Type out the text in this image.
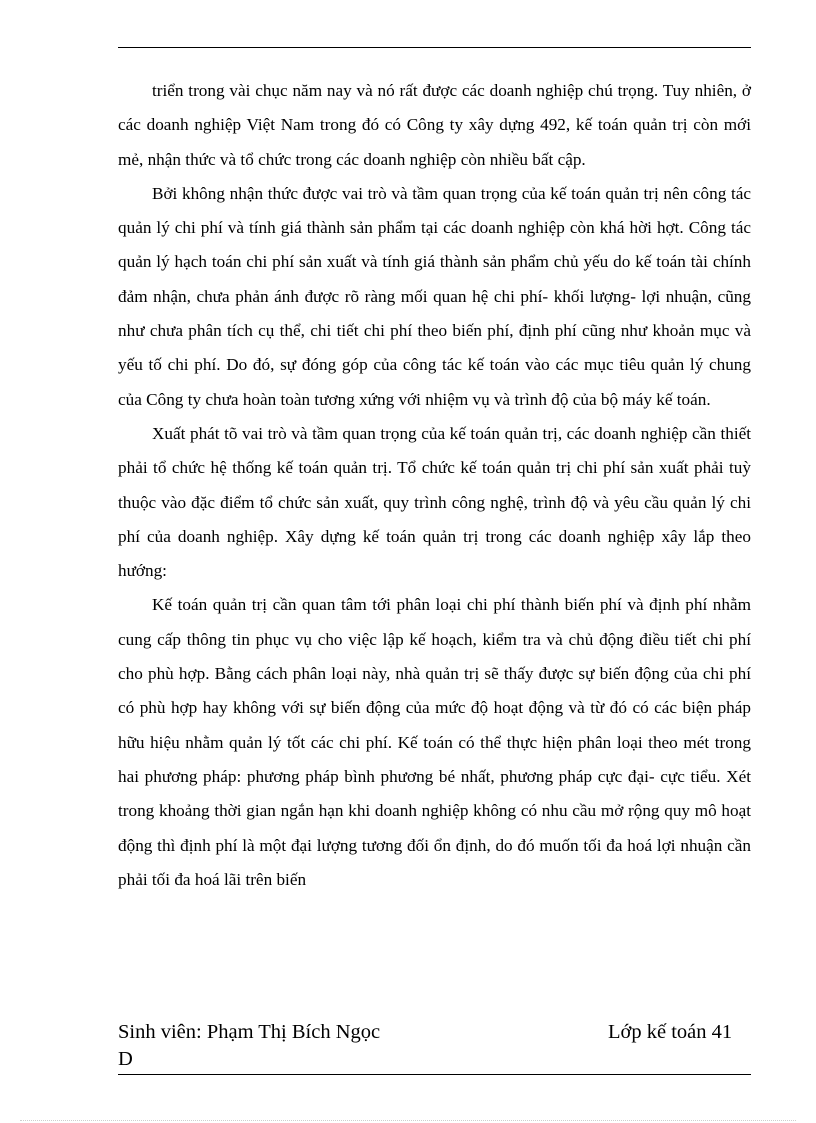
triển trong vài chục năm nay và nó rất được các doanh nghiệp chú trọng. Tuy nhiên, ở các doanh nghiệp Việt Nam trong đó có Công ty xây dựng 492, kế toán quản trị còn mới mẻ, nhận thức và tổ chức trong các doanh nghiệp còn nhiều bất cập.

Bởi không nhận thức được vai trò và tầm quan trọng của kế toán quản trị nên công tác quản lý chi phí và tính giá thành sản phẩm tại các doanh nghiệp còn khá hời hợt. Công tác quản lý hạch toán chi phí sản xuất và tính giá thành sản phẩm chủ yếu do kế toán tài chính đảm nhận, chưa phản ánh được rõ ràng mối quan hệ chi phí- khối lượng- lợi nhuận, cũng như chưa phân tích cụ thể, chi tiết chi phí theo biến phí, định phí cũng như khoản mục và yếu tố chi phí. Do đó, sự đóng góp của công tác kế toán vào các mục tiêu quản lý chung của Công ty chưa hoàn toàn tương xứng với nhiệm vụ và trình độ của bộ máy kế toán.

Xuất phát tõ vai trò và tầm quan trọng của kế toán quản trị, các doanh nghiệp cần thiết phải tổ chức hệ thống kế toán quản trị. Tổ chức kế toán quản trị chi phí sản xuất phải tuỳ thuộc vào đặc điểm tổ chức sản xuất, quy trình công nghệ, trình độ và yêu cầu quản lý chi phí của doanh nghiệp. Xây dựng kế toán quản trị trong các doanh nghiệp xây lắp theo hướng:

Kế toán quản trị cần quan tâm tới phân loại chi phí thành biến phí và định phí nhằm cung cấp thông tin phục vụ cho việc lập kế hoạch, kiểm tra và chủ động điều tiết chi phí cho phù hợp. Bằng cách phân loại này, nhà quản trị sẽ thấy được sự biến động của chi phí có phù hợp hay không với sự biến động của mức độ hoạt động và từ đó có các biện pháp hữu hiệu nhằm quản lý tốt các chi phí. Kế toán có thể thực hiện phân loại theo mét trong hai phương pháp: phương pháp bình phương bé nhất, phương pháp cực đại- cực tiểu. Xét trong khoảng thời gian ngắn hạn khi doanh nghiệp không có nhu cầu mở rộng quy mô hoạt động thì định phí là một đại lượng tương đối ổn định, do đó muốn tối đa hoá lợi nhuận cần phải tối đa hoá lãi trên biến

Sinh viên: Phạm Thị Bích Ngọc
D
Lớp kế toán 41
